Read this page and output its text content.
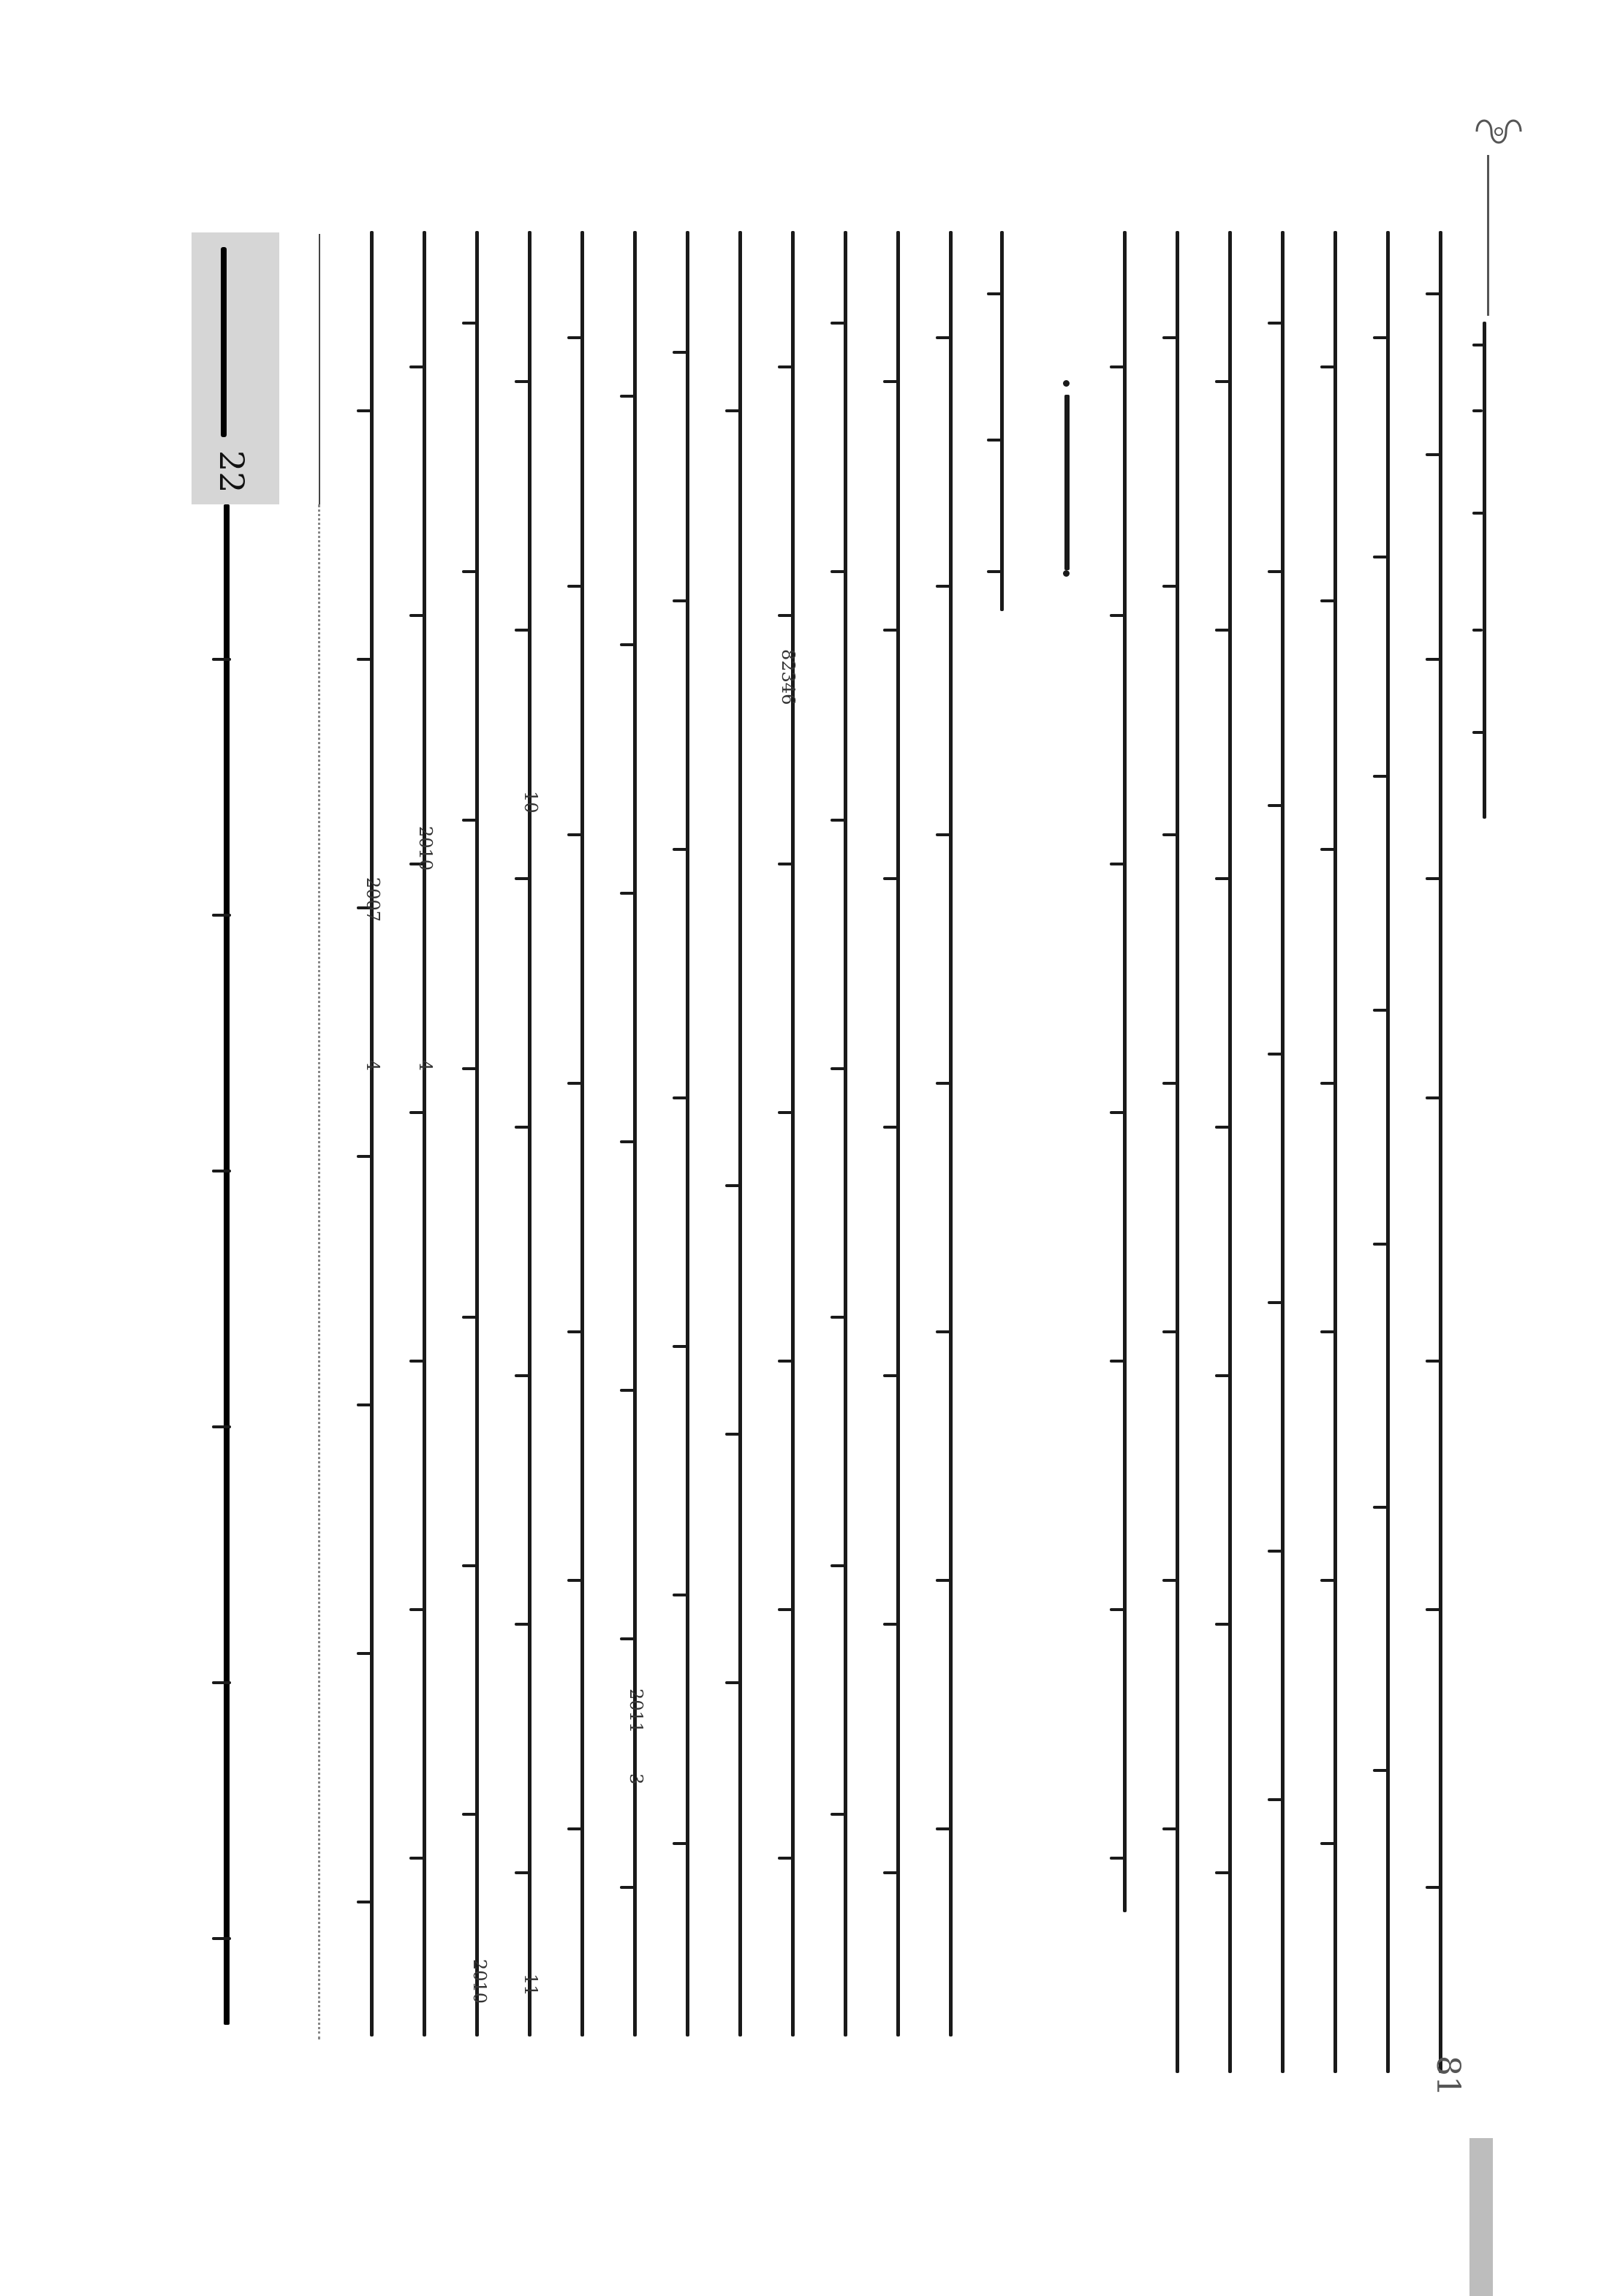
82346
2011
11
10
3
2010
4
2010
2007
4
22
81
